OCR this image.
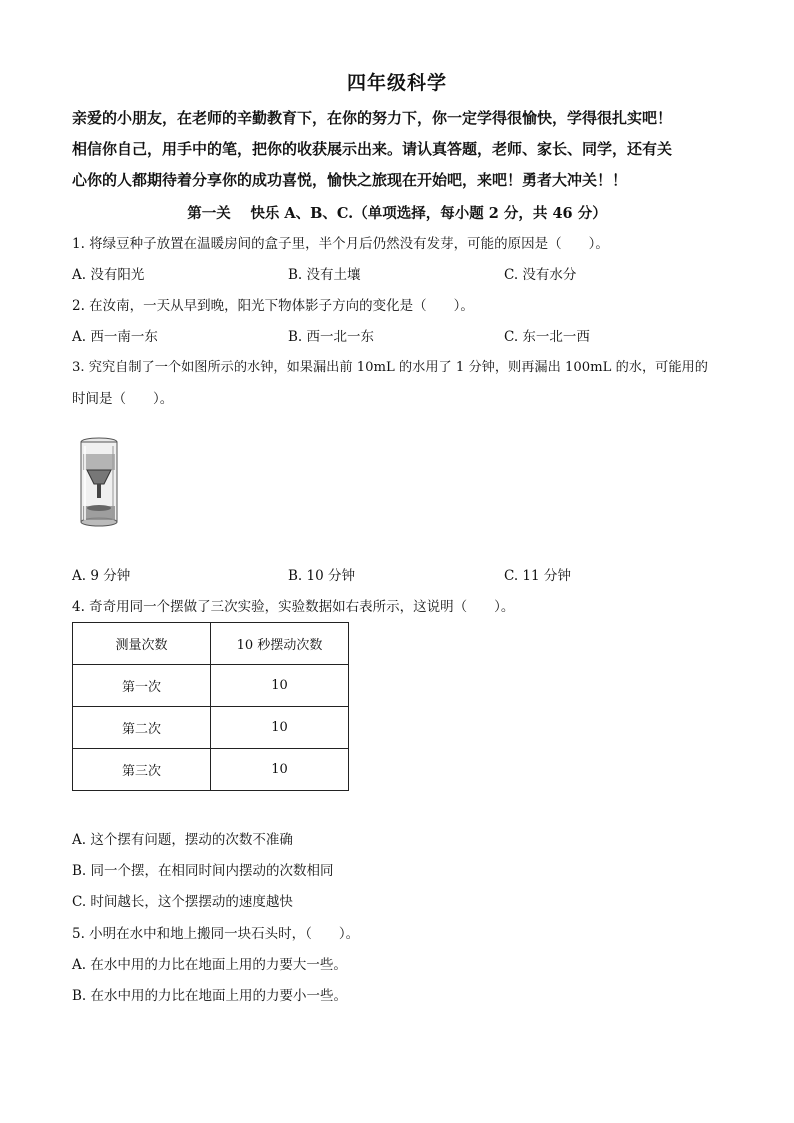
四年级科学
亲爱的小朋友，在老师的辛勤教育下，在你的努力下，你一定学得很愉快，学得很扎实吧！
相信你自己，用手中的笔，把你的收获展示出来。请认真答题，老师、家长、同学，还有关
心你的人都期待着分享你的成功喜悦，愉快之旅现在开始吧，来吧！勇者大冲关！！
第一关　 快乐 A、B、C.（单项选择，每小题 2 分，共 46 分）
1. 将绿豆种子放置在温暖房间的盒子里，半个月后仍然没有发芽，可能的原因是（　　）。
A. 没有阳光	B. 没有土壤	C. 没有水分
2. 在汝南，一天从早到晚，阳光下物体影子方向的变化是（　　）。
A. 西一南一东	B. 西一北一东	C. 东一北一西
3. 究究自制了一个如图所示的水钟，如果漏出前 10mL 的水用了 1 分钟，则再漏出 100mL 的水，可能用的
时间是（　　）。
A. 9 分钟	B. 10 分钟	C. 11 分钟
4. 奇奇用同一个摆做了三次实验，实验数据如右表所示，这说明（　　）。
测量次数	10 秒摆动次数
第一次	10
第二次	10
第三次	10
A. 这个摆有问题，摆动的次数不准确
B. 同一个摆，在相同时间内摆动的次数相同
C. 时间越长，这个摆摆动的速度越快
5. 小明在水中和地上搬同一块石头时，（　　）。
A. 在水中用的力比在地面上用的力要大一些。
B. 在水中用的力比在地面上用的力要小一些。
